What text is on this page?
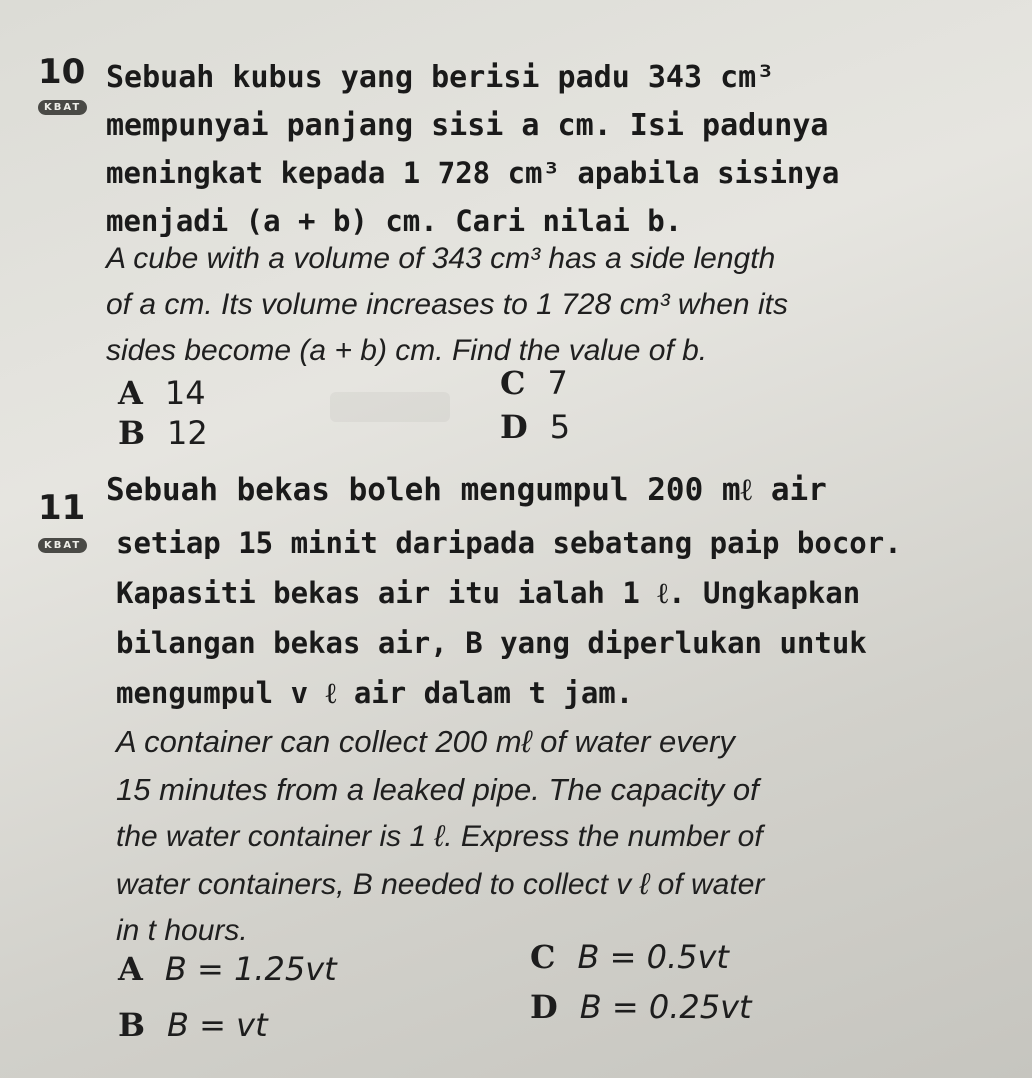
10
KBAT
Sebuah kubus yang berisi padu 343 cm³
mempunyai panjang sisi a cm. Isi padunya
meningkat kepada 1 728 cm³ apabila sisinya
menjadi (a + b) cm. Cari nilai b.
A cube with a volume of 343 cm³ has a side length
of a cm. Its volume increases to 1 728 cm³ when its
sides become (a + b) cm. Find the value of b.
A 14
B 12
C 7
D 5
11
KBAT
Sebuah bekas boleh mengumpul 200 mℓ air
setiap 15 minit daripada sebatang paip bocor.
Kapasiti bekas air itu ialah 1 ℓ. Ungkapkan
bilangan bekas air, B yang diperlukan untuk
mengumpul v ℓ air dalam t jam.
A container can collect 200 mℓ of water every
15 minutes from a leaked pipe. The capacity of
the water container is 1 ℓ. Express the number of
water containers, B needed to collect v ℓ of water
in t hours.
A B = 1.25vt
B B = vt
C B = 0.5vt
D B = 0.25vt
